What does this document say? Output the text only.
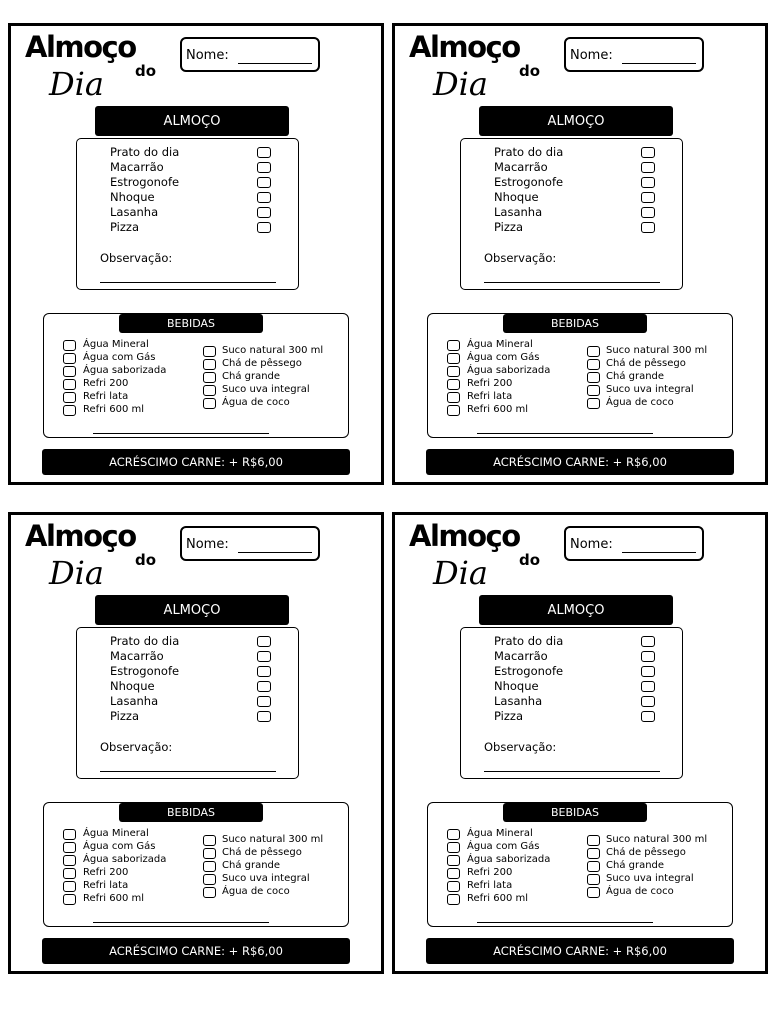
Almoço
do
Dia
Nome:
ALMOÇO
Prato do dia
Macarrão
Estrogonofe
Nhoque
Lasanha
Pizza
Observação:
BEBIDAS
Água Mineral
Água com Gás
Água saborizada
Refri 200
Refri lata
Refri 600 ml
Suco natural 300 ml
Chá de pêssego
Chá grande
Suco uva integral
Água de coco
ACRÉSCIMO CARNE: + R$6,00
Almoço
do
Dia
Nome:
ALMOÇO
Prato do dia
Macarrão
Estrogonofe
Nhoque
Lasanha
Pizza
Observação:
BEBIDAS
Água Mineral
Água com Gás
Água saborizada
Refri 200
Refri lata
Refri 600 ml
Suco natural 300 ml
Chá de pêssego
Chá grande
Suco uva integral
Água de coco
ACRÉSCIMO CARNE: + R$6,00
Almoço
do
Dia
Nome:
ALMOÇO
Prato do dia
Macarrão
Estrogonofe
Nhoque
Lasanha
Pizza
Observação:
BEBIDAS
Água Mineral
Água com Gás
Água saborizada
Refri 200
Refri lata
Refri 600 ml
Suco natural 300 ml
Chá de pêssego
Chá grande
Suco uva integral
Água de coco
ACRÉSCIMO CARNE: + R$6,00
Almoço
do
Dia
Nome:
ALMOÇO
Prato do dia
Macarrão
Estrogonofe
Nhoque
Lasanha
Pizza
Observação:
BEBIDAS
Água Mineral
Água com Gás
Água saborizada
Refri 200
Refri lata
Refri 600 ml
Suco natural 300 ml
Chá de pêssego
Chá grande
Suco uva integral
Água de coco
ACRÉSCIMO CARNE: + R$6,00
